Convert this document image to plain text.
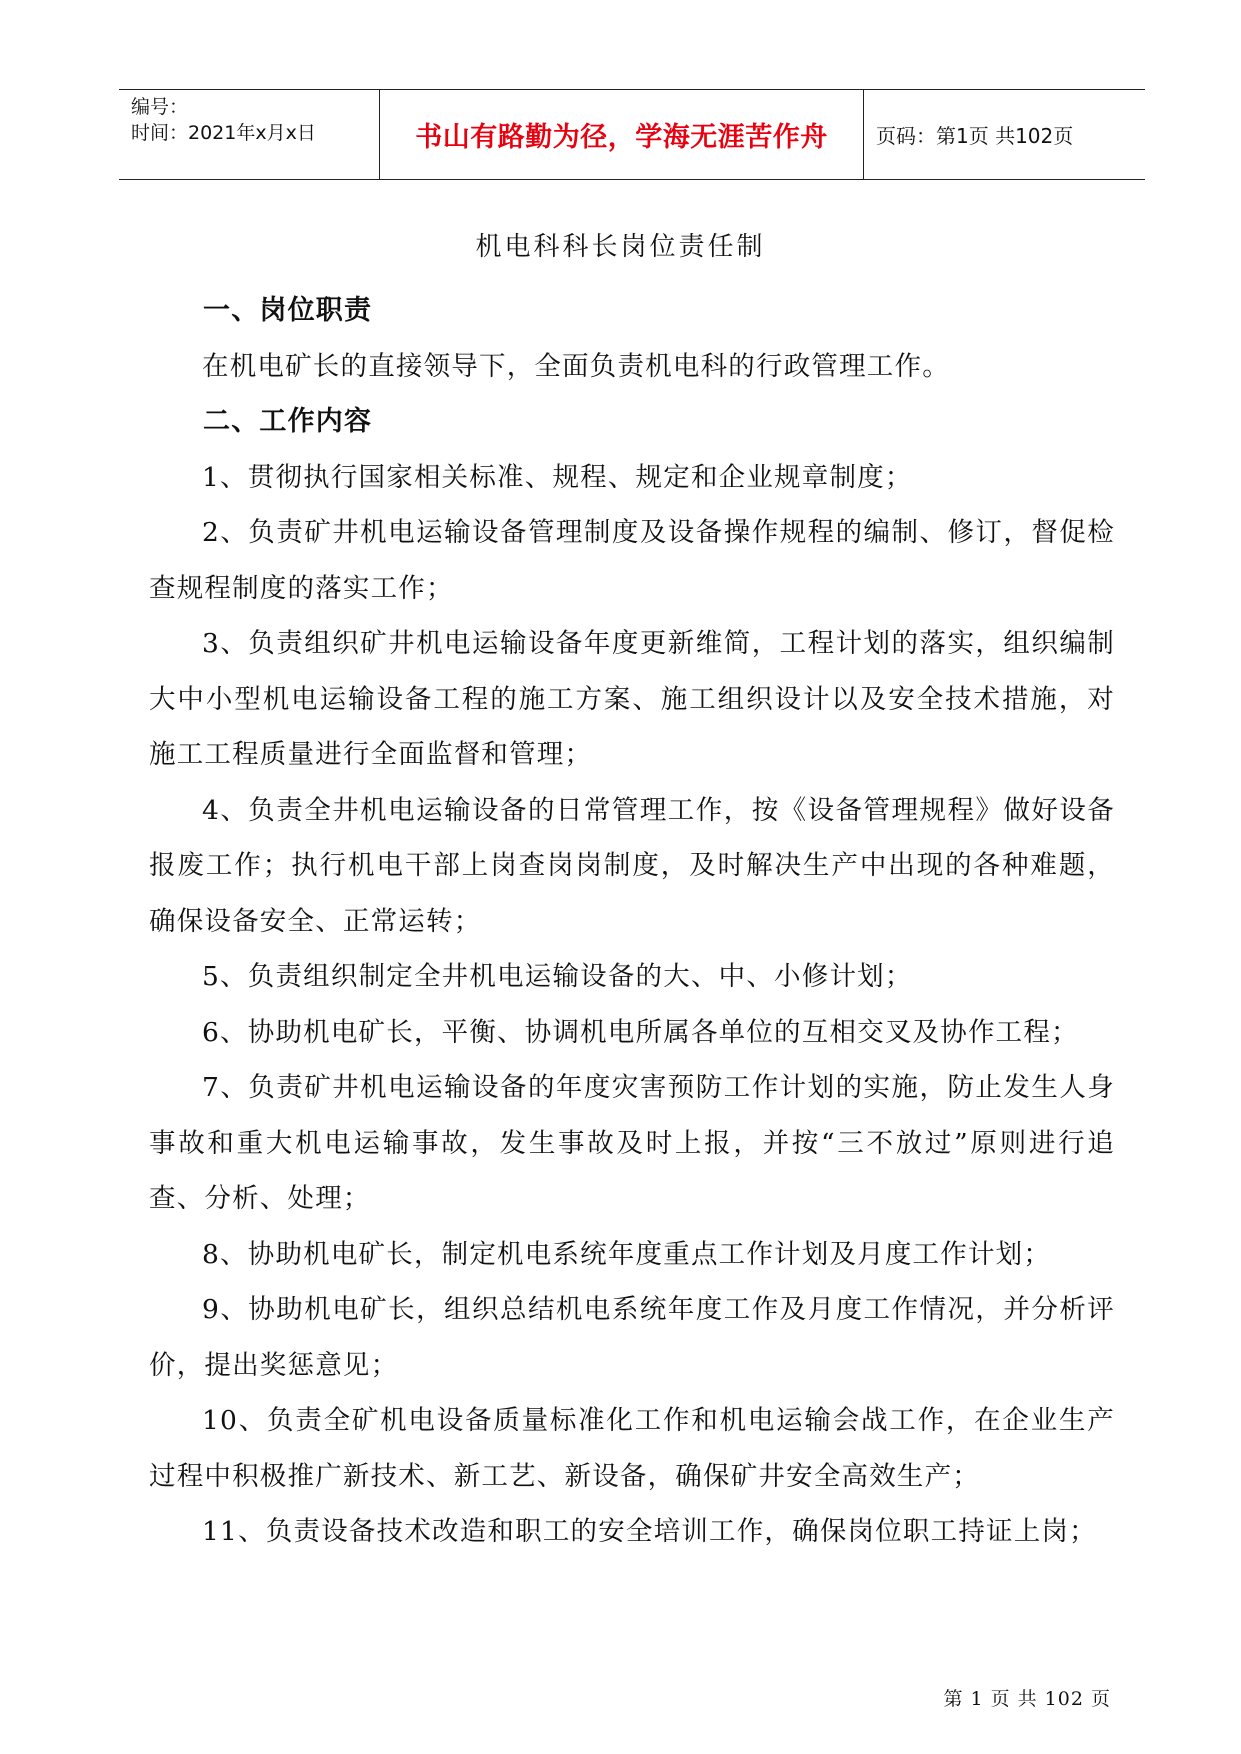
编号：
时间：2021年x月x日	书山有路勤为径，学海无涯苦作舟	页码：第1页 共102页
机电科科长岗位责任制
一、岗位职责

在机电矿长的直接领导下，全面负责机电科的行政管理工作。

二、工作内容

1、贯彻执行国家相关标准、规程、规定和企业规章制度；

2、负责矿井机电运输设备管理制度及设备操作规程的编制、修订，督促检查规程制度的落实工作；

3、负责组织矿井机电运输设备年度更新维简，工程计划的落实，组织编制大中小型机电运输设备工程的施工方案、施工组织设计以及安全技术措施，对施工工程质量进行全面监督和管理；

4、负责全井机电运输设备的日常管理工作，按《设备管理规程》做好设备报废工作；执行机电干部上岗查岗岗制度，及时解决生产中出现的各种难题，确保设备安全、正常运转；

5、负责组织制定全井机电运输设备的大、中、小修计划；

6、协助机电矿长，平衡、协调机电所属各单位的互相交叉及协作工程；

7、负责矿井机电运输设备的年度灾害预防工作计划的实施，防止发生人身事故和重大机电运输事故，发生事故及时上报，并按“三不放过”原则进行追查、分析、处理；

8、协助机电矿长，制定机电系统年度重点工作计划及月度工作计划；

9、协助机电矿长，组织总结机电系统年度工作及月度工作情况，并分析评价，提出奖惩意见；

10、负责全矿机电设备质量标准化工作和机电运输会战工作，在企业生产过程中积极推广新技术、新工艺、新设备，确保矿井安全高效生产；

11、负责设备技术改造和职工的安全培训工作，确保岗位职工持证上岗；

第 1 页 共 102 页
